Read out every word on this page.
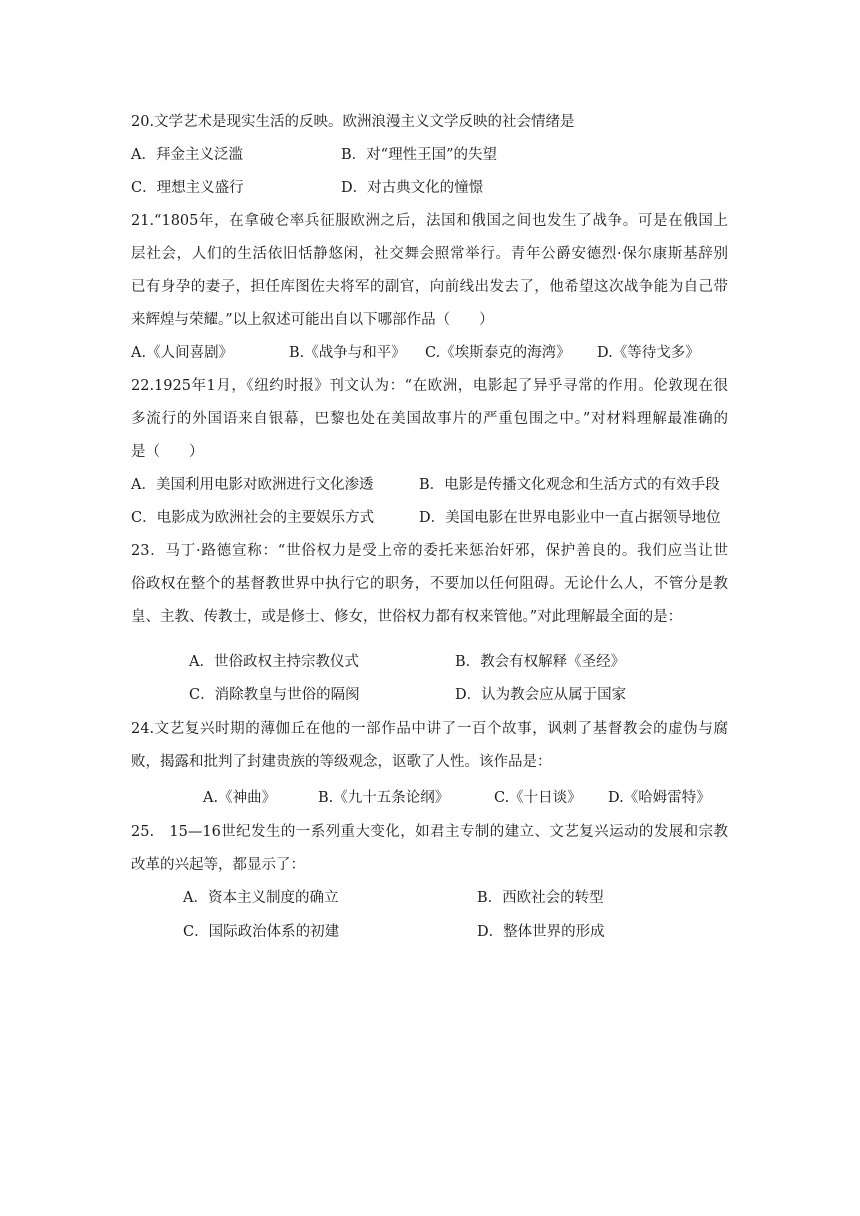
20.文学艺术是现实生活的反映。欧洲浪漫主义文学反映的社会情绪是
A．拜金主义泛滥	B．对“理性王国”的失望
C．理想主义盛行	D．对古典文化的憧憬
21.“1805年，在拿破仑率兵征服欧洲之后，法国和俄国之间也发生了战争。可是在俄国上
层社会，人们的生活依旧恬静悠闲，社交舞会照常举行。青年公爵安德烈·保尔康斯基辞别
已有身孕的妻子，担任库图佐夫将军的副官，向前线出发去了，他希望这次战争能为自己带
来辉煌与荣耀。”以上叙述可能出自以下哪部作品（　　）
A.《人间喜剧》	B.《战争与和平》 C.《埃斯泰克的海湾》 D.《等待戈多》
22.1925年1月，《纽约时报》刊文认为：“在欧洲，电影起了异乎寻常的作用。伦敦现在很
多流行的外国语来自银幕，巴黎也处在美国故事片的严重包围之中。”对材料理解最准确的
是（　　）
A．美国利用电影对欧洲进行文化渗透	B．电影是传播文化观念和生活方式的有效手段
C．电影成为欧洲社会的主要娱乐方式	D．美国电影在世界电影业中一直占据领导地位
23．马丁·路德宣称：“世俗权力是受上帝的委托来惩治奸邪，保护善良的。我们应当让世
俗政权在整个的基督教世界中执行它的职务，不要加以任何阻碍。无论什么人，不管分是教
皇、主教、传教士，或是修士、修女，世俗权力都有权来管他。”对此理解最全面的是：
A．世俗政权主持宗教仪式	B．教会有权解释《圣经》
C．消除教皇与世俗的隔阂	D．认为教会应从属于国家
24.文艺复兴时期的薄伽丘在他的一部作品中讲了一百个故事，讽刺了基督教会的虚伪与腐
败，揭露和批判了封建贵族的等级观念，讴歌了人性。该作品是：
A.《神曲》	B.《九十五条论纲》	C.《十日谈》 D.《哈姆雷特》
25.　15—16世纪发生的一系列重大变化，如君主专制的建立、文艺复兴运动的发展和宗教
改革的兴起等，都显示了：
A．资本主义制度的确立	B．西欧社会的转型
C．国际政治体系的初建	D．整体世界的形成
